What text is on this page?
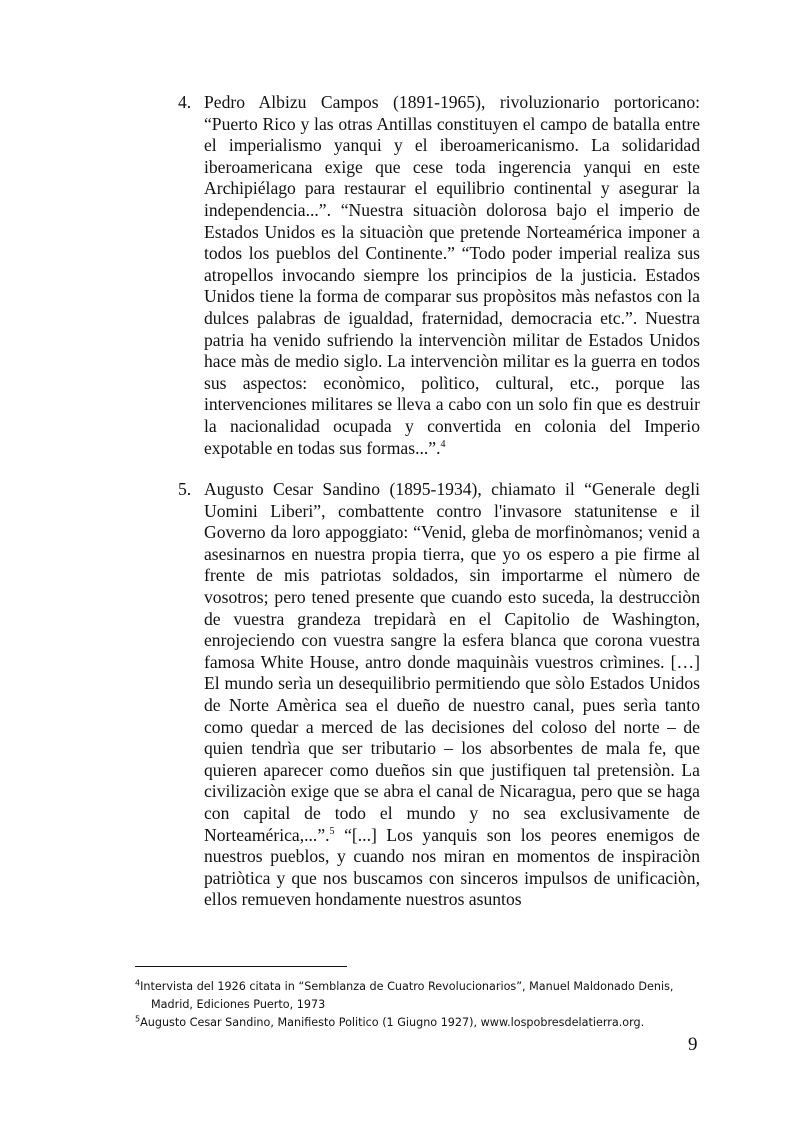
4. Pedro Albizu Campos (1891-1965), rivoluzionario portoricano: “Puerto Rico y las otras Antillas constituyen el campo de batalla entre el imperialismo yanqui y el iberoamericanismo. La solidaridad iberoamericana exige que cese toda ingerencia yanqui en este Archipiélago para restaurar el equilibrio continental y asegurar la independencia...”. “Nuestra situaciòn dolorosa bajo el imperio de Estados Unidos es la situaciòn que pretende Norteamérica imponer a todos los pueblos del Continente.” “Todo poder imperial realiza sus atropellos invocando siempre los principios de la justicia. Estados Unidos tiene la forma de comparar sus propòsitos màs nefastos con la dulces palabras de igualdad, fraternidad, democracia etc.”. Nuestra patria ha venido sufriendo la intervenciòn militar de Estados Unidos hace màs de medio siglo. La intervenciòn militar es la guerra en todos sus aspectos: econòmico, polìtico, cultural, etc., porque las intervenciones militares se lleva a cabo con un solo fin que es destruir la nacionalidad ocupada y convertida en colonia del Imperio expotable en todas sus formas...”.$^4$
5. Augusto Cesar Sandino (1895-1934), chiamato il “Generale degli Uomini Liberi”, combattente contro l'invasore statunitense e il Governo da loro appoggiato: “Venid, gleba de morfinòmanos; venid a asesinarnos en nuestra propia tierra, que yo os espero a pie firme al frente de mis patriotas soldados, sin importarme el nùmero de vosotros; pero tened presente que cuando esto suceda, la destrucciòn de vuestra grandeza trepidarà en el Capitolio de Washington, enrojeciendo con vuestra sangre la esfera blanca que corona vuestra famosa White House, antro donde maquinàis vuestros crìmines. […] El mundo serìa un desequilibrio permitiendo que sòlo Estados Unidos de Norte Amèrica sea el dueño de nuestro canal, pues serìa tanto como quedar a merced de las decisiones del coloso del norte – de quien tendrìa que ser tributario – los absorbentes de mala fe, que quieren aparecer como dueños sin que justifiquen tal pretensiòn. La civilizaciòn exige que se abra el canal de Nicaragua, pero que se haga con capital de todo el mundo y no sea exclusivamente de Norteamérica,...”.$^5$ “[...] Los yanquis son los peores enemigos de nuestros pueblos, y cuando nos miran en momentos de inspiraciòn patriòtica y que nos buscamos con sinceros impulsos de unificaciòn, ellos remueven hondamente nuestros asuntos
$^4$Intervista del 1926 citata in “Semblanza de Cuatro Revolucionarios”, Manuel Maldonado Denis, Madrid, Ediciones Puerto, 1973
$^5$Augusto Cesar Sandino, Manifiesto Politico (1 Giugno 1927), www.lospobresdelatierra.org.
9
